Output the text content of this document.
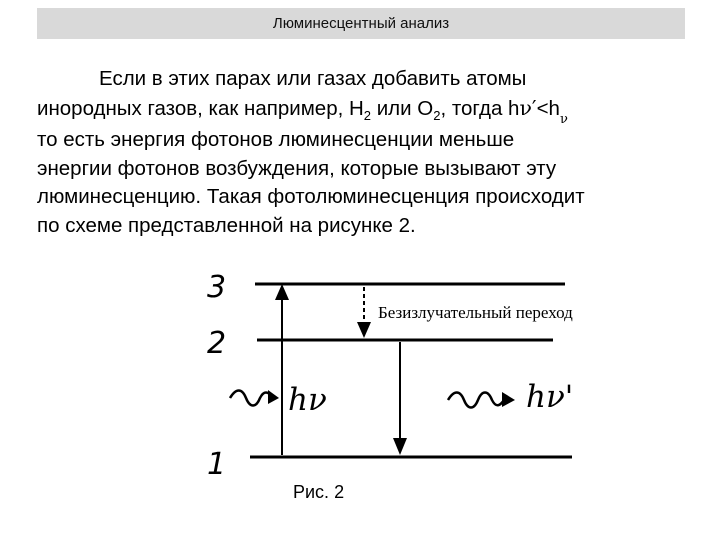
Люминесцентный анализ

Если в этих парах или газах добавить атомы
инородных газов, как например, $H_2$ или $O_2$, тогда $h\nu'<h_\nu$
то есть энергия фотонов люминесценции меньше
энергии фотонов возбуждения, которые вызывают эту
люминесценцию. Такая фотолюминесценция происходит
по схеме представленной на рисунке 2.

3
2
1
hν	hν'
Безизлучательный переход
Рис. 2
